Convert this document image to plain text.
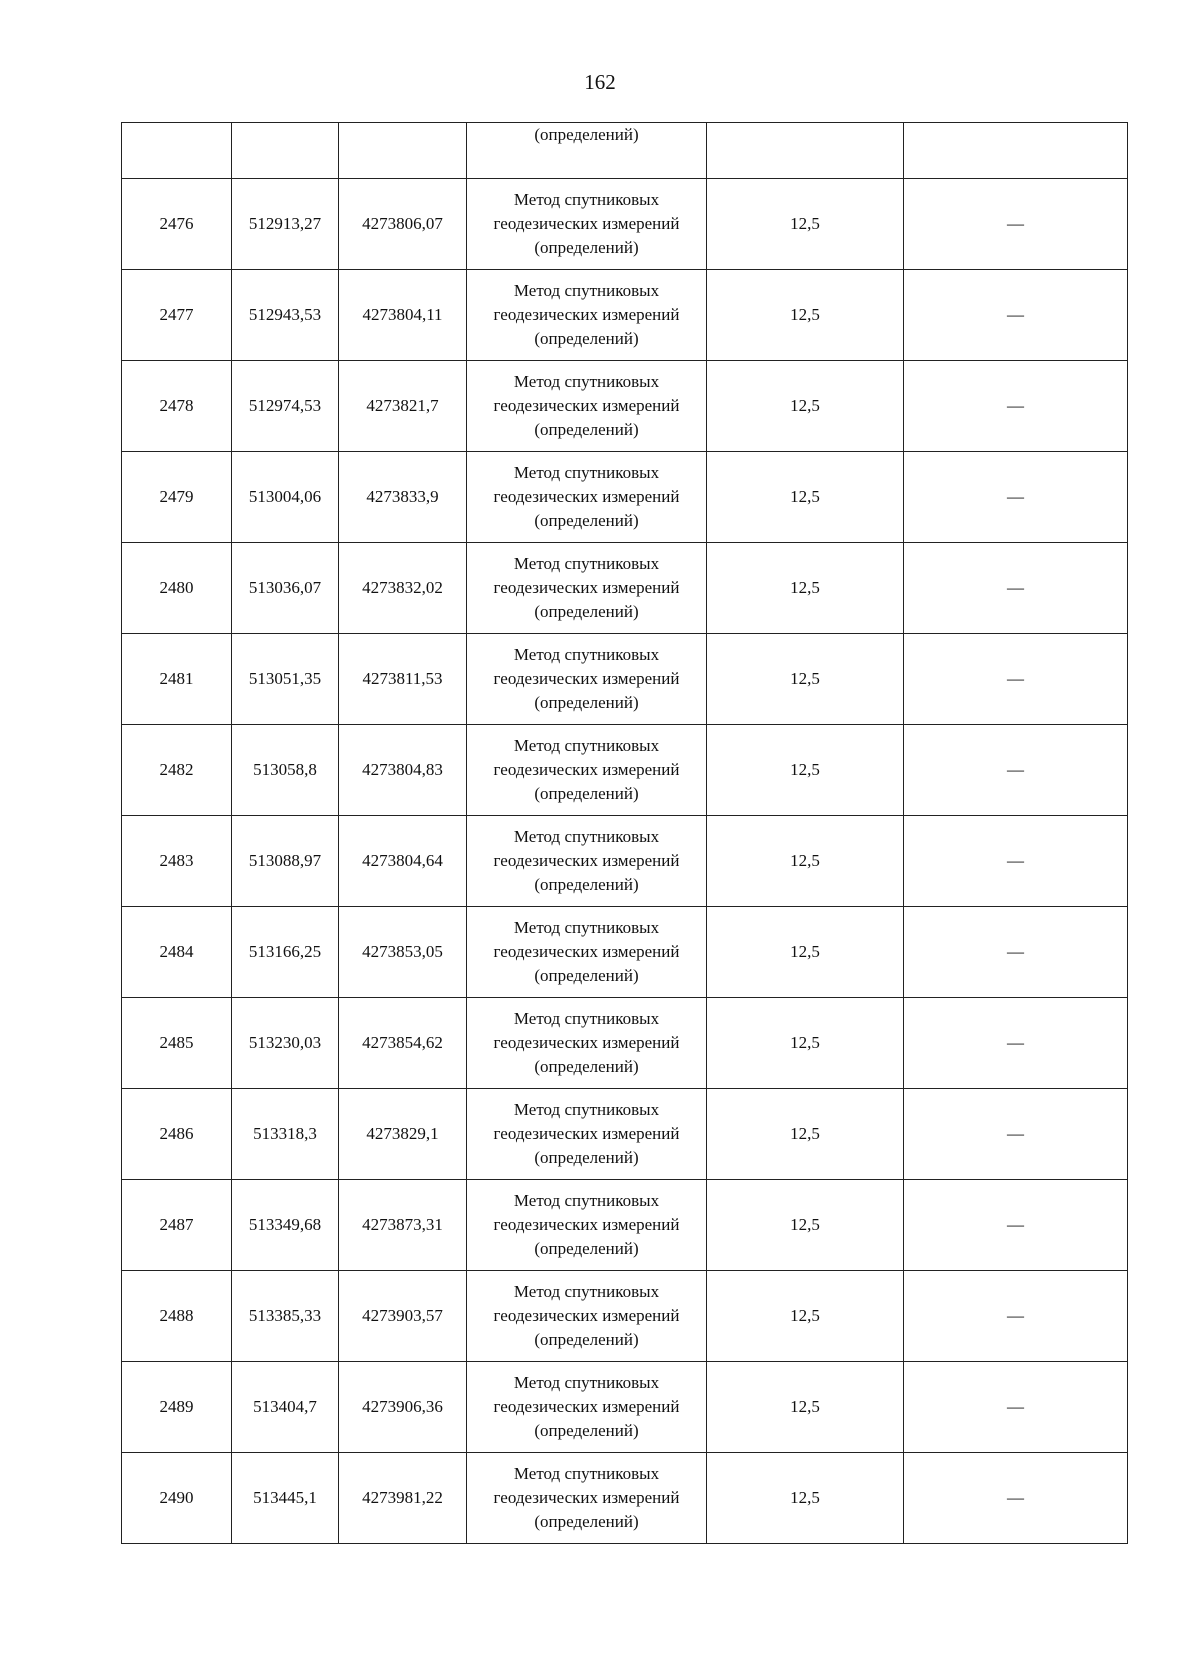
162
			(определений)		
2476	512913,27	4273806,07	Метод спутниковых
геодезических измерений
(определений)	12,5	—
2477	512943,53	4273804,11	Метод спутниковых
геодезических измерений
(определений)	12,5	—
2478	512974,53	4273821,7	Метод спутниковых
геодезических измерений
(определений)	12,5	—
2479	513004,06	4273833,9	Метод спутниковых
геодезических измерений
(определений)	12,5	—
2480	513036,07	4273832,02	Метод спутниковых
геодезических измерений
(определений)	12,5	—
2481	513051,35	4273811,53	Метод спутниковых
геодезических измерений
(определений)	12,5	—
2482	513058,8	4273804,83	Метод спутниковых
геодезических измерений
(определений)	12,5	—
2483	513088,97	4273804,64	Метод спутниковых
геодезических измерений
(определений)	12,5	—
2484	513166,25	4273853,05	Метод спутниковых
геодезических измерений
(определений)	12,5	—
2485	513230,03	4273854,62	Метод спутниковых
геодезических измерений
(определений)	12,5	—
2486	513318,3	4273829,1	Метод спутниковых
геодезических измерений
(определений)	12,5	—
2487	513349,68	4273873,31	Метод спутниковых
геодезических измерений
(определений)	12,5	—
2488	513385,33	4273903,57	Метод спутниковых
геодезических измерений
(определений)	12,5	—
2489	513404,7	4273906,36	Метод спутниковых
геодезических измерений
(определений)	12,5	—
2490	513445,1	4273981,22	Метод спутниковых
геодезических измерений
(определений)	12,5	—
